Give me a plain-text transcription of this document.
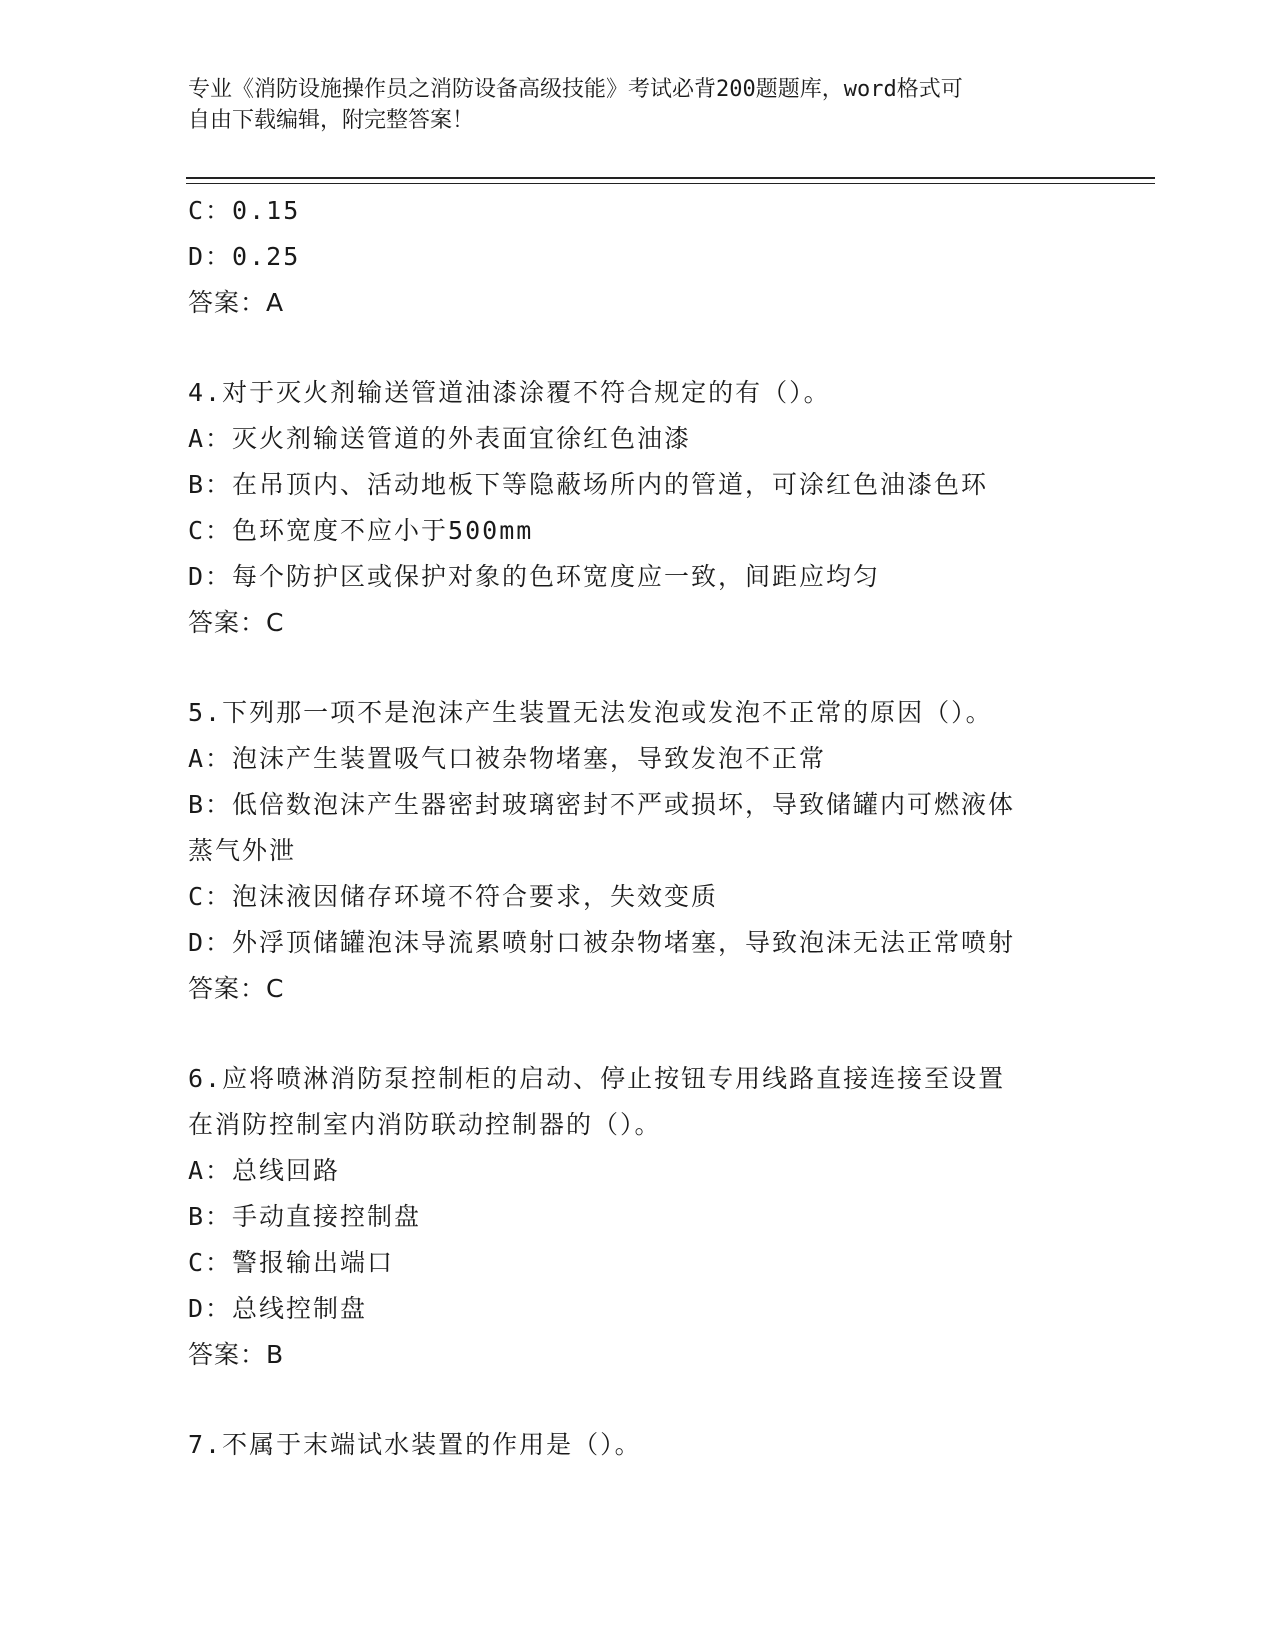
专业《消防设施操作员之消防设备高级技能》考试必背200题题库，word格式可
自由下载编辑，附完整答案！
C：0.15
D：0.25
答案：A
4.对于灭火剂输送管道油漆涂覆不符合规定的有（）。
A：灭火剂输送管道的外表面宜徐红色油漆
B：在吊顶内、活动地板下等隐蔽场所内的管道，可涂红色油漆色环
C：色环宽度不应小于500mm
D：每个防护区或保护对象的色环宽度应一致，间距应均匀
答案：C
5.下列那一项不是泡沫产生装置无法发泡或发泡不正常的原因（）。
A：泡沫产生装置吸气口被杂物堵塞，导致发泡不正常
B：低倍数泡沫产生器密封玻璃密封不严或损坏，导致储罐内可燃液体
蒸气外泄
C：泡沫液因储存环境不符合要求，失效变质
D：外浮顶储罐泡沫导流累喷射口被杂物堵塞，导致泡沫无法正常喷射
答案：C
6.应将喷淋消防泵控制柜的启动、停止按钮专用线路直接连接至设置
在消防控制室内消防联动控制器的（）。
A：总线回路
B：手动直接控制盘
C：警报输出端口
D：总线控制盘
答案：B
7.不属于末端试水装置的作用是（）。
